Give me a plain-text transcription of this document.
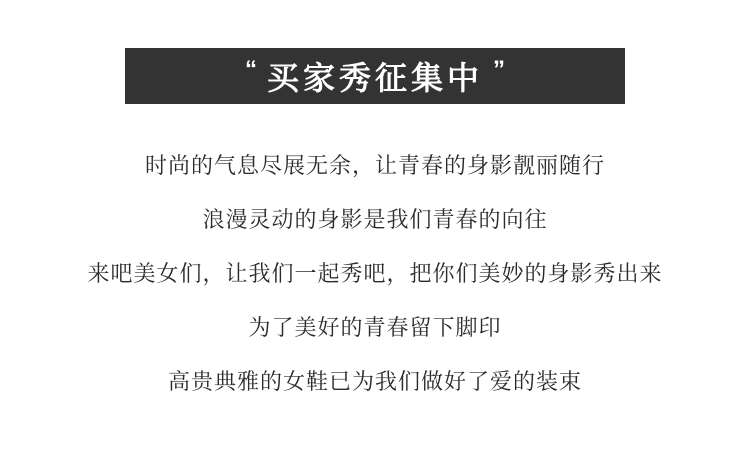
“ 买家秀征集中 ”
时尚的气息尽展无余，让青春的身影靓丽随行
浪漫灵动的身影是我们青春的向往
来吧美女们，让我们一起秀吧，把你们美妙的身影秀出来
为了美好的青春留下脚印
高贵典雅的女鞋已为我们做好了爱的装束
